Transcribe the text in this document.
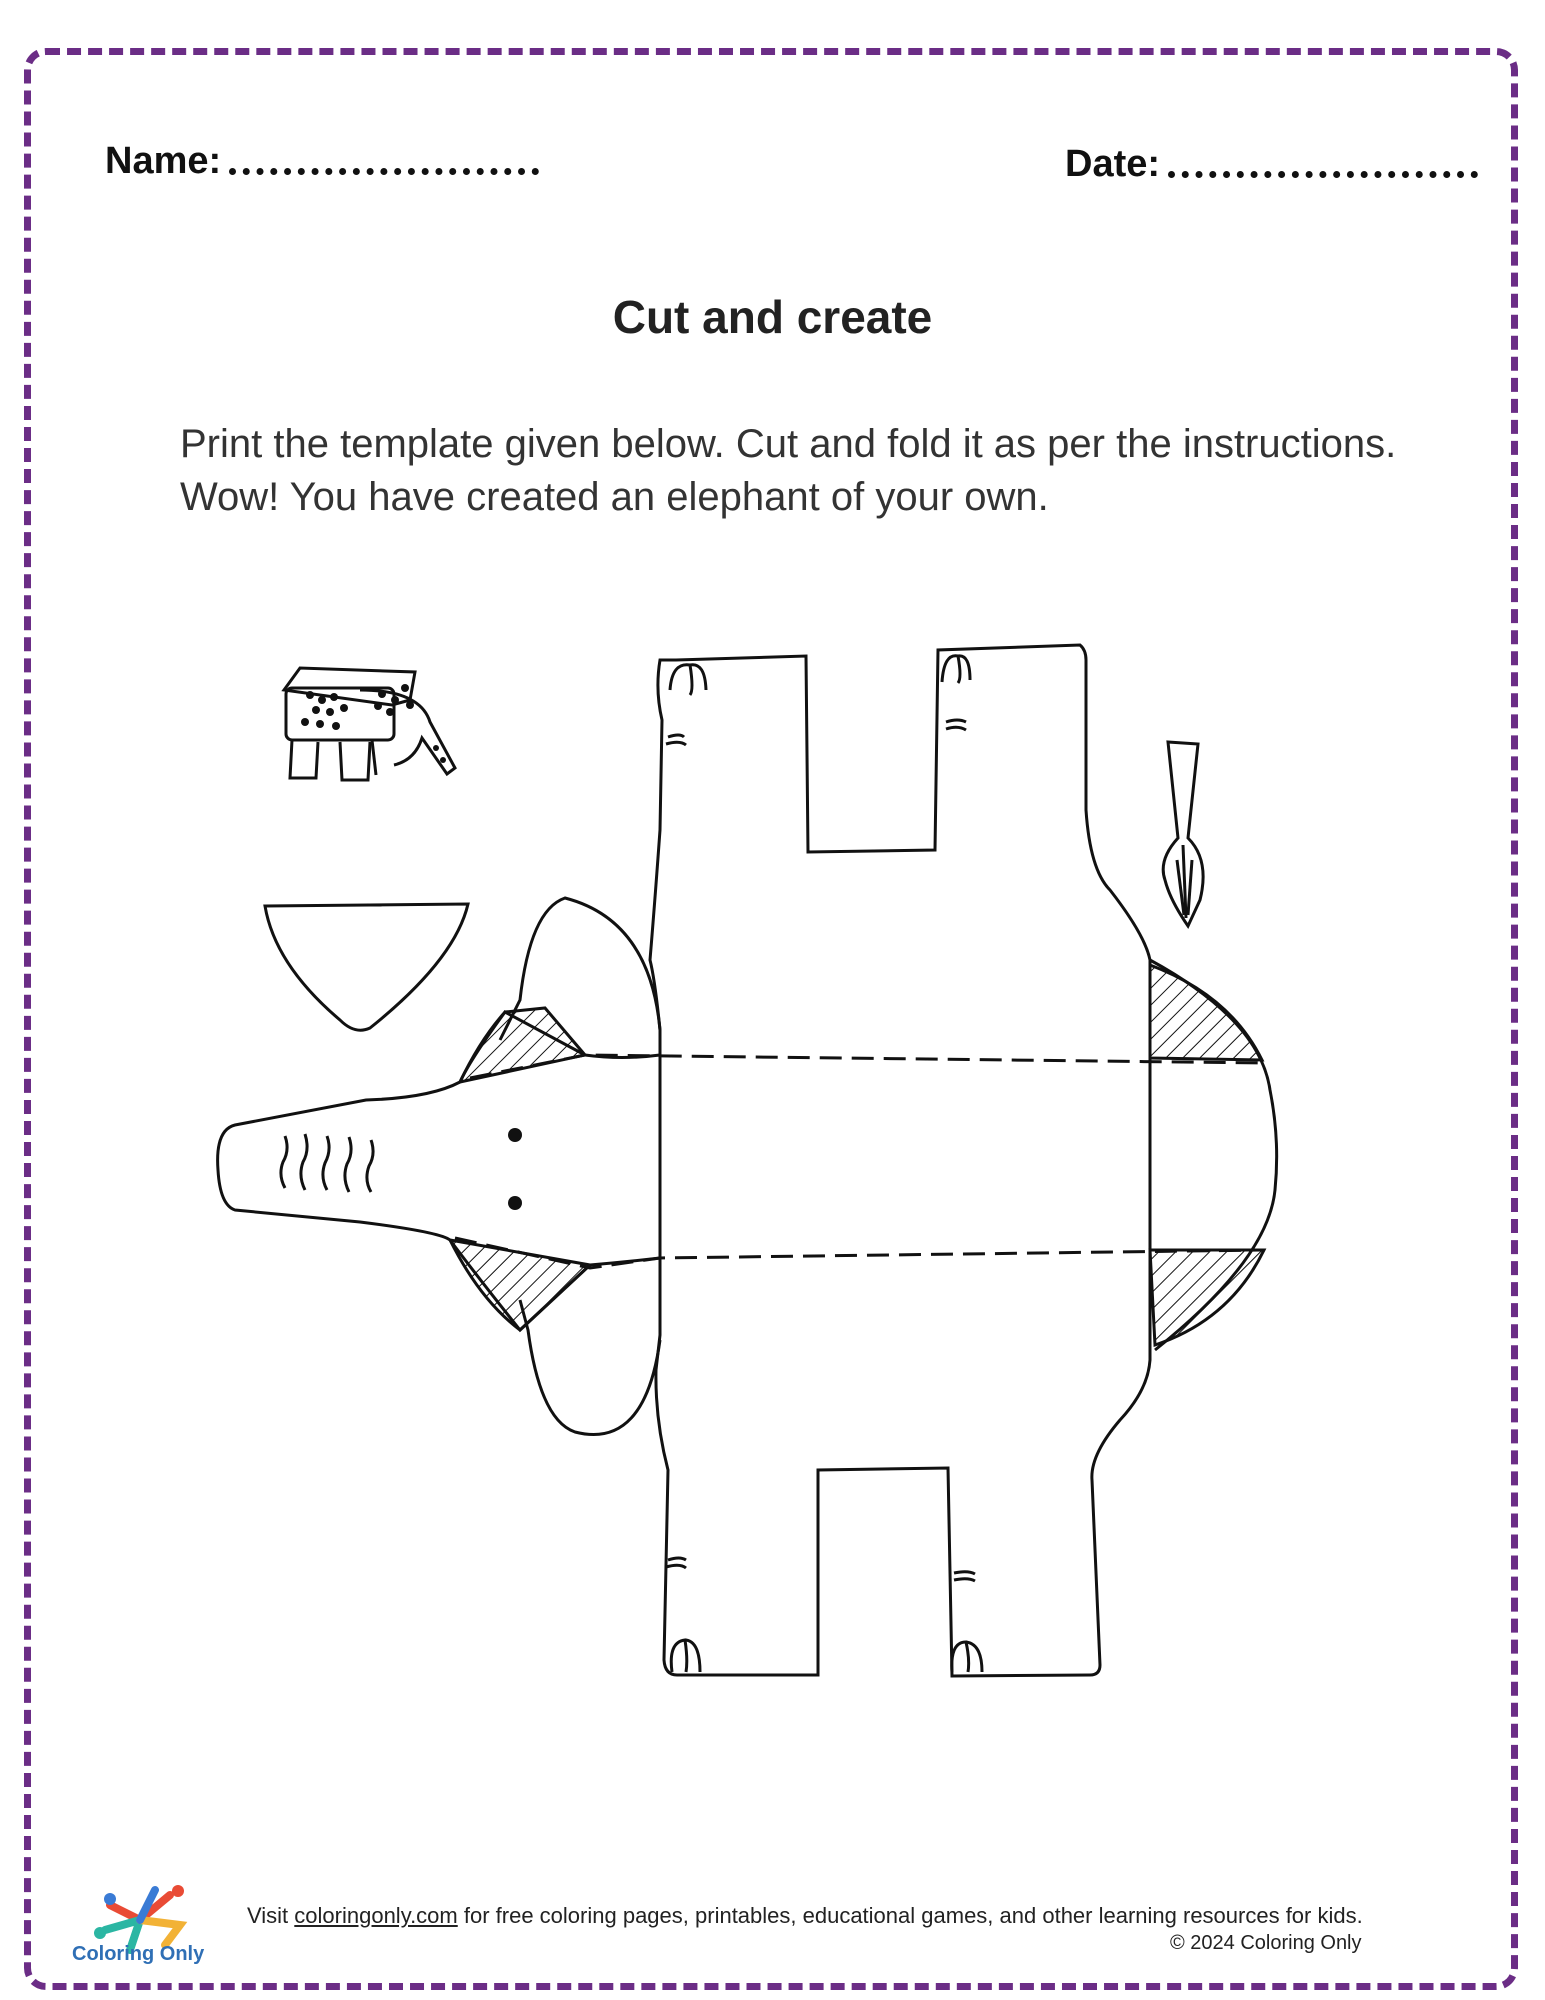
Name:	Date:
Cut and create
Print the template given below. Cut and fold it as per the instructions. Wow! You have created an elephant of your own.
Coloring Only
Visit coloringonly.com for free coloring pages, printables, educational games, and other learning resources for kids.
© 2024 Coloring Only
